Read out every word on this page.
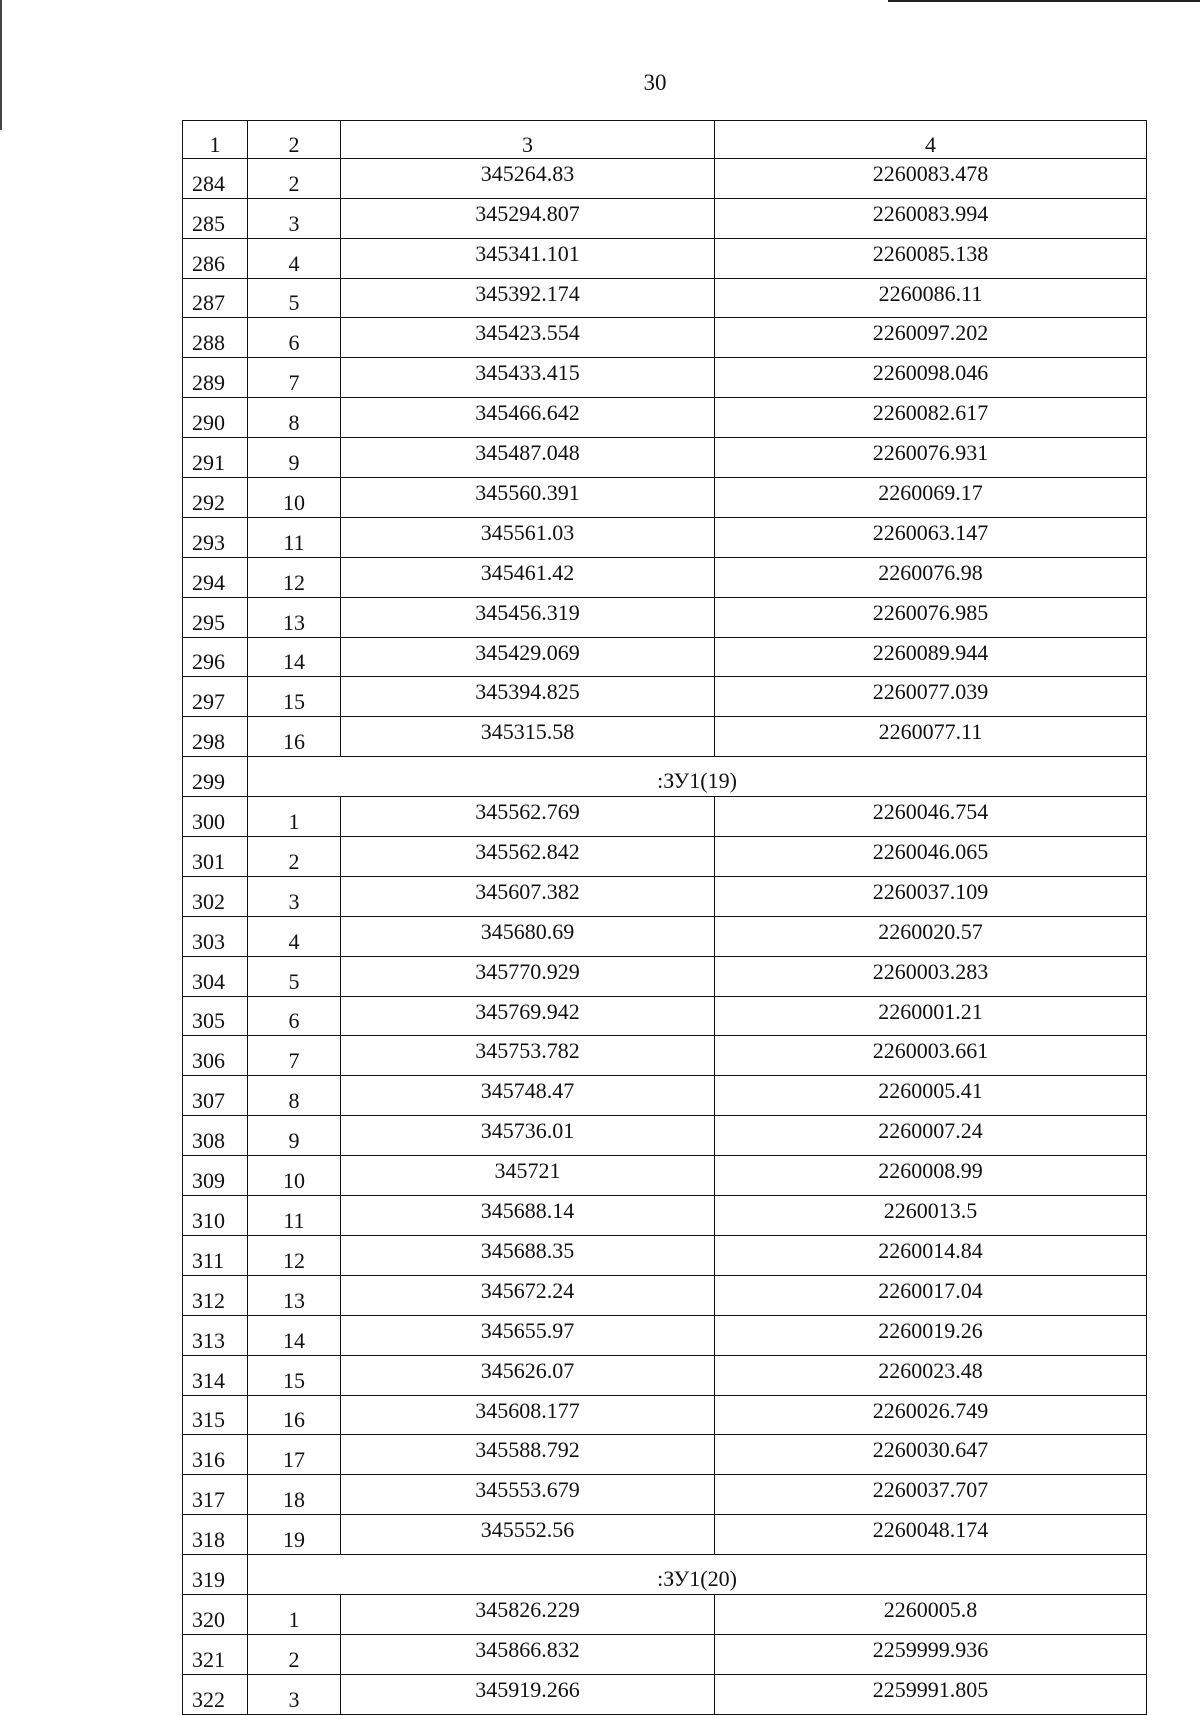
30
1	2	3	4
284	2	345264.83	2260083.478
285	3	345294.807	2260083.994
286	4	345341.101	2260085.138
287	5	345392.174	2260086.11
288	6	345423.554	2260097.202
289	7	345433.415	2260098.046
290	8	345466.642	2260082.617
291	9	345487.048	2260076.931
292	10	345560.391	2260069.17
293	11	345561.03	2260063.147
294	12	345461.42	2260076.98
295	13	345456.319	2260076.985
296	14	345429.069	2260089.944
297	15	345394.825	2260077.039
298	16	345315.58	2260077.11
299	:ЗУ1(19)		
300	1	345562.769	2260046.754
301	2	345562.842	2260046.065
302	3	345607.382	2260037.109
303	4	345680.69	2260020.57
304	5	345770.929	2260003.283
305	6	345769.942	2260001.21
306	7	345753.782	2260003.661
307	8	345748.47	2260005.41
308	9	345736.01	2260007.24
309	10	345721	2260008.99
310	11	345688.14	2260013.5
311	12	345688.35	2260014.84
312	13	345672.24	2260017.04
313	14	345655.97	2260019.26
314	15	345626.07	2260023.48
315	16	345608.177	2260026.749
316	17	345588.792	2260030.647
317	18	345553.679	2260037.707
318	19	345552.56	2260048.174
319	:ЗУ1(20)		
320	1	345826.229	2260005.8
321	2	345866.832	2259999.936
322	3	345919.266	2259991.805
